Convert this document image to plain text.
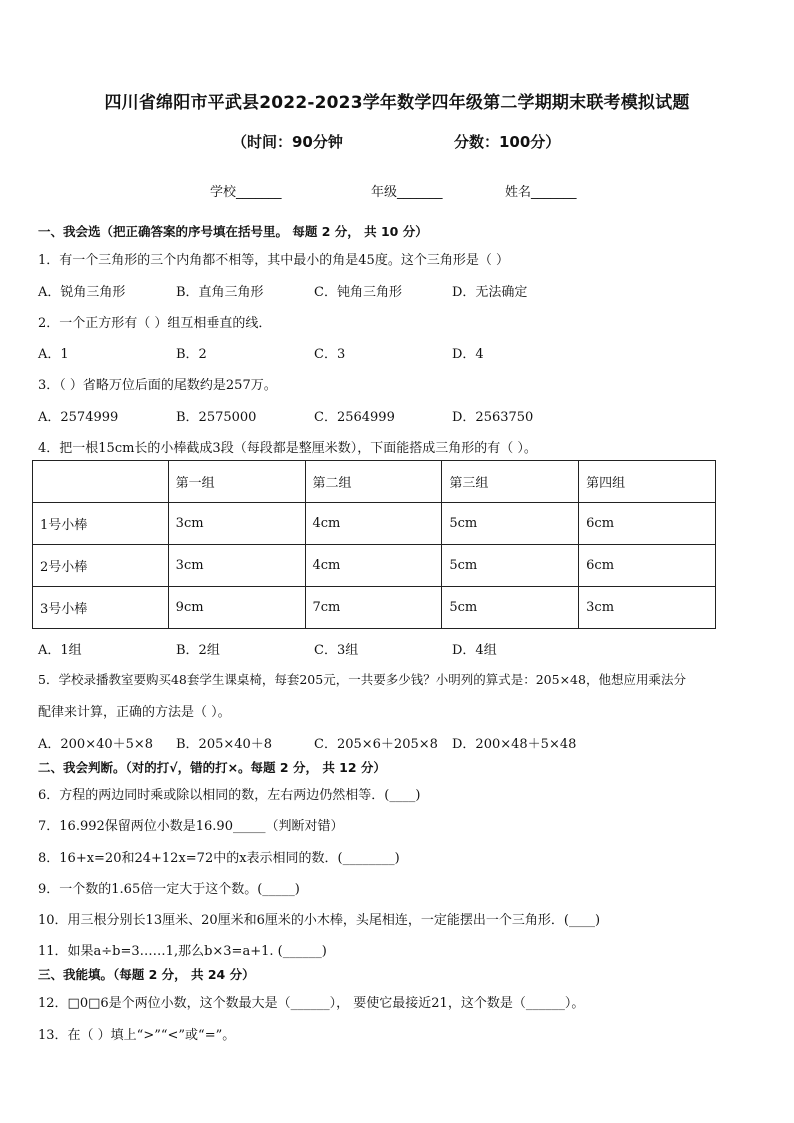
四川省绵阳市平武县2022-2023学年数学四年级第二学期期末联考模拟试题
（时间：90分钟	分数：100分）
学校_______	年级_______	姓名_______
一、我会选（把正确答案的序号填在括号里。 每题 2 分， 共 10 分）
1．有一个三角形的三个内角都不相等，其中最小的角是45度。这个三角形是（ ）
A．锐角三角形	B．直角三角形	C．钝角三角形	D．无法确定
2．一个正方形有（ ）组互相垂直的线．
A．1	B．2	C．3	D．4
3．（ ）省略万位后面的尾数约是257万。
A．2574999	B．2575000	C．2564999	D．2563750
4．把一根15cm长的小棒截成3段（每段都是整厘米数），下面能搭成三角形的有（ ）。
	第一组	第二组	第三组	第四组
1号小棒	3cm	4cm	5cm	6cm
2号小棒	3cm	4cm	5cm	6cm
3号小棒	9cm	7cm	5cm	3cm
A．1组	B．2组	C．3组	D．4组
5．学校录播教室要购买48套学生课桌椅，每套205元，一共要多少钱？小明列的算式是：205×48，他想应用乘法分
配律来计算，正确的方法是（ ）。
A．200×40＋5×8 B．205×40＋8	C．205×6＋205×8 D．200×48＋5×48
二、我会判断。（对的打√，错的打×。每题 2 分， 共 12 分）
6．方程的两边同时乘或除以相同的数，左右两边仍然相等．(____)
7．16.992保留两位小数是16.90_____（判断对错）
8．16+x=20和24+12x=72中的x表示相同的数．(________)
9．一个数的1.65倍一定大于这个数。(_____)
10．用三根分别长13厘米、20厘米和6厘米的小木棒，头尾相连，一定能摆出一个三角形．(____)
11．如果a÷b=3……1,那么b×3=a+1. (______)
三、我能填。（每题 2 分， 共 24 分）
12．□0□6是个两位小数，这个数最大是（______）， 要使它最接近21，这个数是（______）。
13．在（ ）填上“>”“<”或“=”。
